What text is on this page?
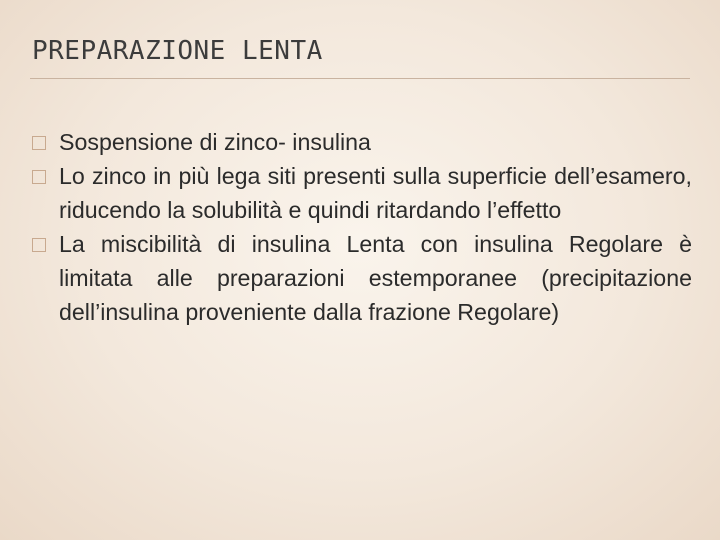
PREPARAZIONE LENTA
Sospensione di zinco- insulina
Lo zinco in più lega siti presenti sulla superficie dell’esamero, riducendo la solubilità e quindi ritardando l’effetto
La miscibilità di insulina Lenta con insulina Regolare è limitata alle preparazioni estemporanee (precipitazione dell’insulina proveniente dalla frazione Regolare)
